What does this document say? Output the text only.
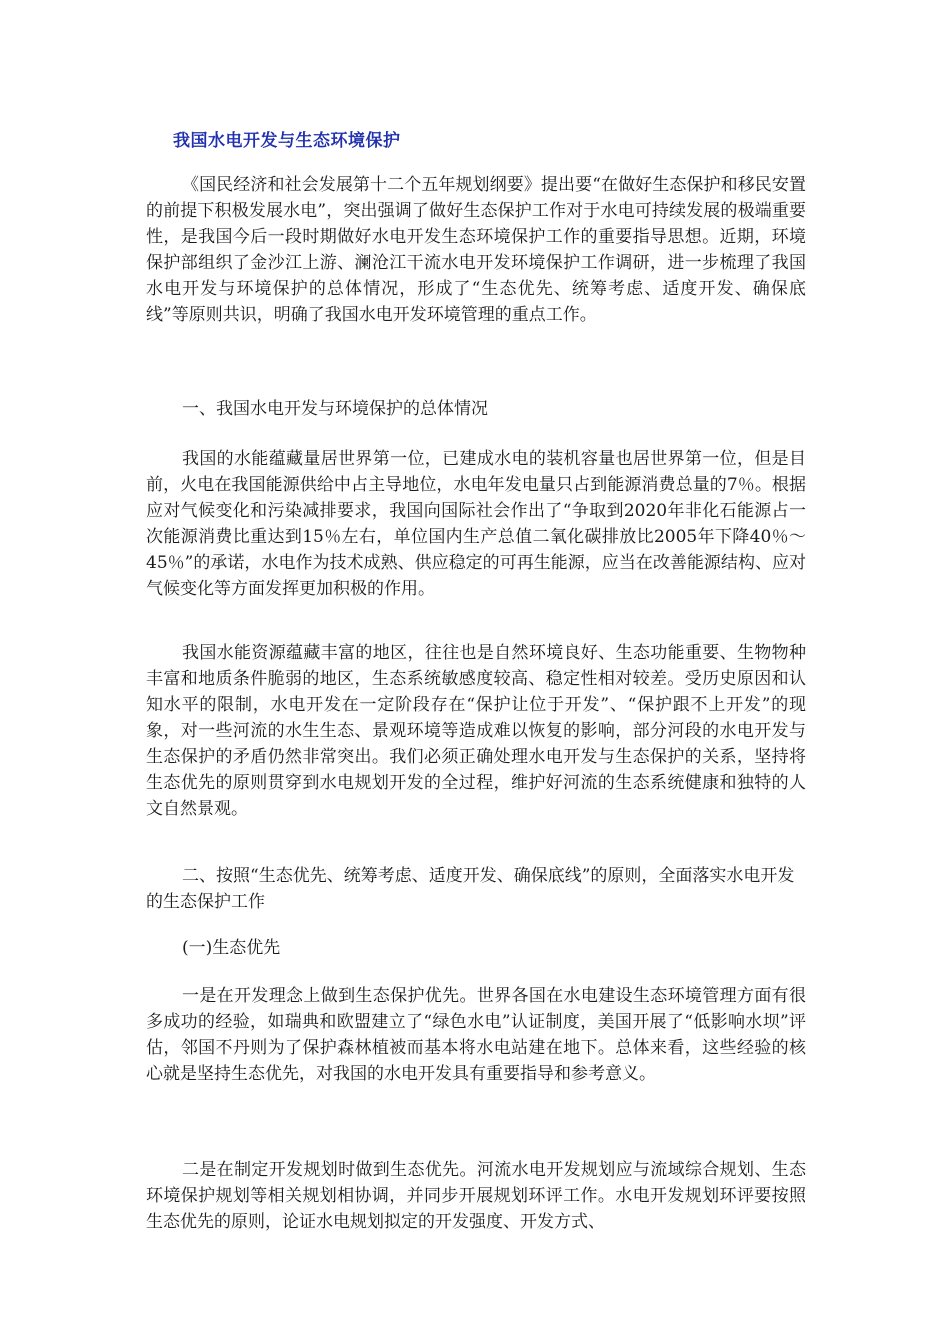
我国水电开发与生态环境保护

《国民经济和社会发展第十二个五年规划纲要》提出要“在做好生态保护和移民安置的前提下积极发展水电”，突出强调了做好生态保护工作对于水电可持续发展的极端重要性，是我国今后一段时期做好水电开发生态环境保护工作的重要指导思想。近期，环境保护部组织了金沙江上游、澜沧江干流水电开发环境保护工作调研，进一步梳理了我国水电开发与环境保护的总体情况，形成了“生态优先、统筹考虑、适度开发、确保底线”等原则共识，明确了我国水电开发环境管理的重点工作。

一、我国水电开发与环境保护的总体情况

我国的水能蕴藏量居世界第一位，已建成水电的装机容量也居世界第一位，但是目前，火电在我国能源供给中占主导地位，水电年发电量只占到能源消费总量的7％。根据应对气候变化和污染减排要求，我国向国际社会作出了“争取到2020年非化石能源占一次能源消费比重达到15％左右，单位国内生产总值二氧化碳排放比2005年下降40％～45％”的承诺，水电作为技术成熟、供应稳定的可再生能源，应当在改善能源结构、应对气候变化等方面发挥更加积极的作用。

我国水能资源蕴藏丰富的地区，往往也是自然环境良好、生态功能重要、生物物种丰富和地质条件脆弱的地区，生态系统敏感度较高、稳定性相对较差。受历史原因和认知水平的限制，水电开发在一定阶段存在“保护让位于开发”、“保护跟不上开发”的现象，对一些河流的水生生态、景观环境等造成难以恢复的影响，部分河段的水电开发与生态保护的矛盾仍然非常突出。我们必须正确处理水电开发与生态保护的关系，坚持将生态优先的原则贯穿到水电规划开发的全过程，维护好河流的生态系统健康和独特的人文自然景观。

二、按照“生态优先、统筹考虑、适度开发、确保底线”的原则，全面落实水电开发的生态保护工作

(一)生态优先

一是在开发理念上做到生态保护优先。世界各国在水电建设生态环境管理方面有很多成功的经验，如瑞典和欧盟建立了“绿色水电”认证制度，美国开展了“低影响水坝”评估，邻国不丹则为了保护森林植被而基本将水电站建在地下。总体来看，这些经验的核心就是坚持生态优先，对我国的水电开发具有重要指导和参考意义。

二是在制定开发规划时做到生态优先。河流水电开发规划应与流域综合规划、生态环境保护规划等相关规划相协调，并同步开展规划环评工作。水电开发规划环评要按照生态优先的原则，论证水电规划拟定的开发强度、开发方式、
